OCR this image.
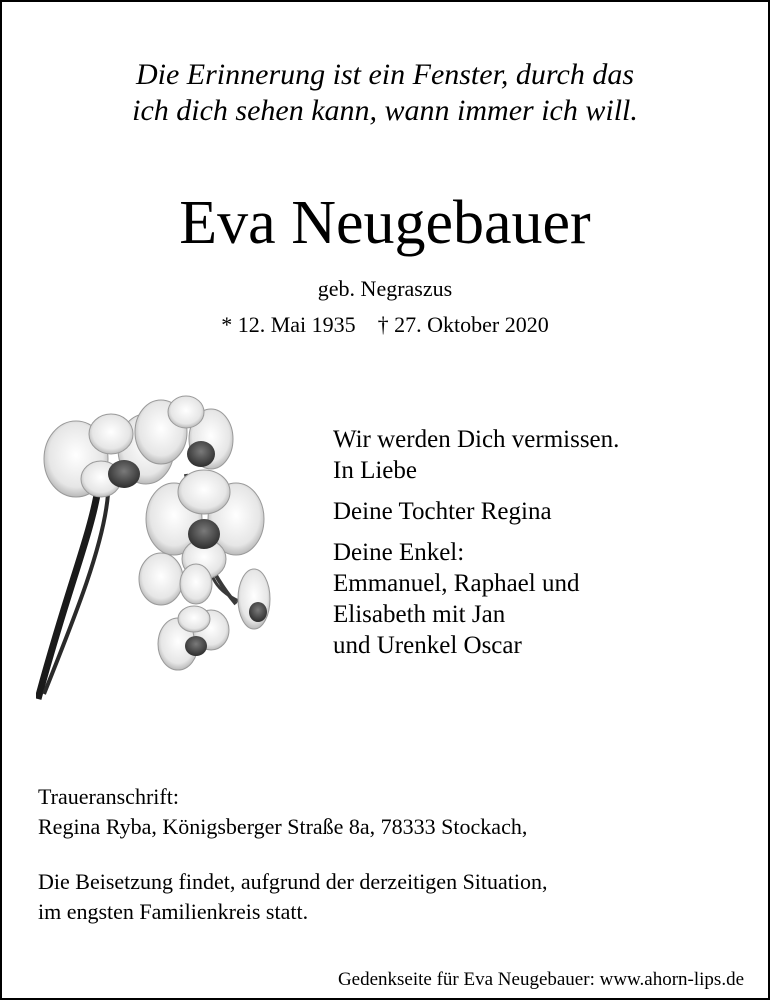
Die Erinnerung ist ein Fenster, durch das
ich dich sehen kann, wann immer ich will.
Eva Neugebauer
geb. Negraszus
* 12. Mai 1935 † 27. Oktober 2020
Wir werden Dich vermissen.
In Liebe
Deine Tochter Regina
Deine Enkel:
Emmanuel, Raphael und
Elisabeth mit Jan
und Urenkel Oscar
Traueranschrift:
Regina Ryba, Königsberger Straße 8a, 78333 Stockach,
Die Beisetzung findet, aufgrund der derzeitigen Situation,
im engsten Familienkreis statt.
Gedenkseite für Eva Neugebauer: www.ahorn-lips.de
